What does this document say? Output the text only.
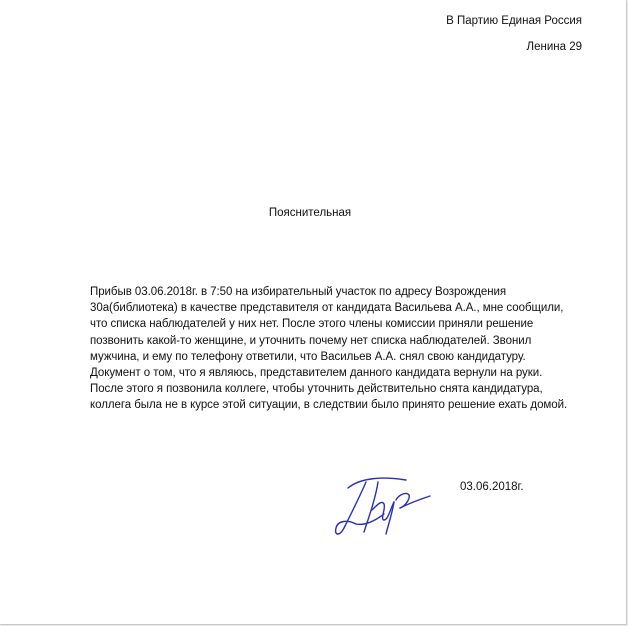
В Партию Единая Россия
Ленина 29
Пояснительная
Прибыв 03.06.2018г. в 7:50 на избирательный участок по адресу Возрождения 30а(библиотека) в качестве представителя от кандидата Васильева А.А., мне сообщили, что списка наблюдателей у них нет. После этого члены комиссии приняли решение позвонить какой-то женщине, и уточнить почему нет списка наблюдателей. Звонил мужчина, и ему по телефону ответили, что Васильев А.А. снял свою кандидатуру. Документ о том, что я являюсь, представителем данного кандидата вернули на руки. После этого я позвонила коллеге, чтобы уточнить действительно снята кандидатура, коллега была не в курсе этой ситуации, в следствии было принято решение ехать домой.
03.06.2018г.
